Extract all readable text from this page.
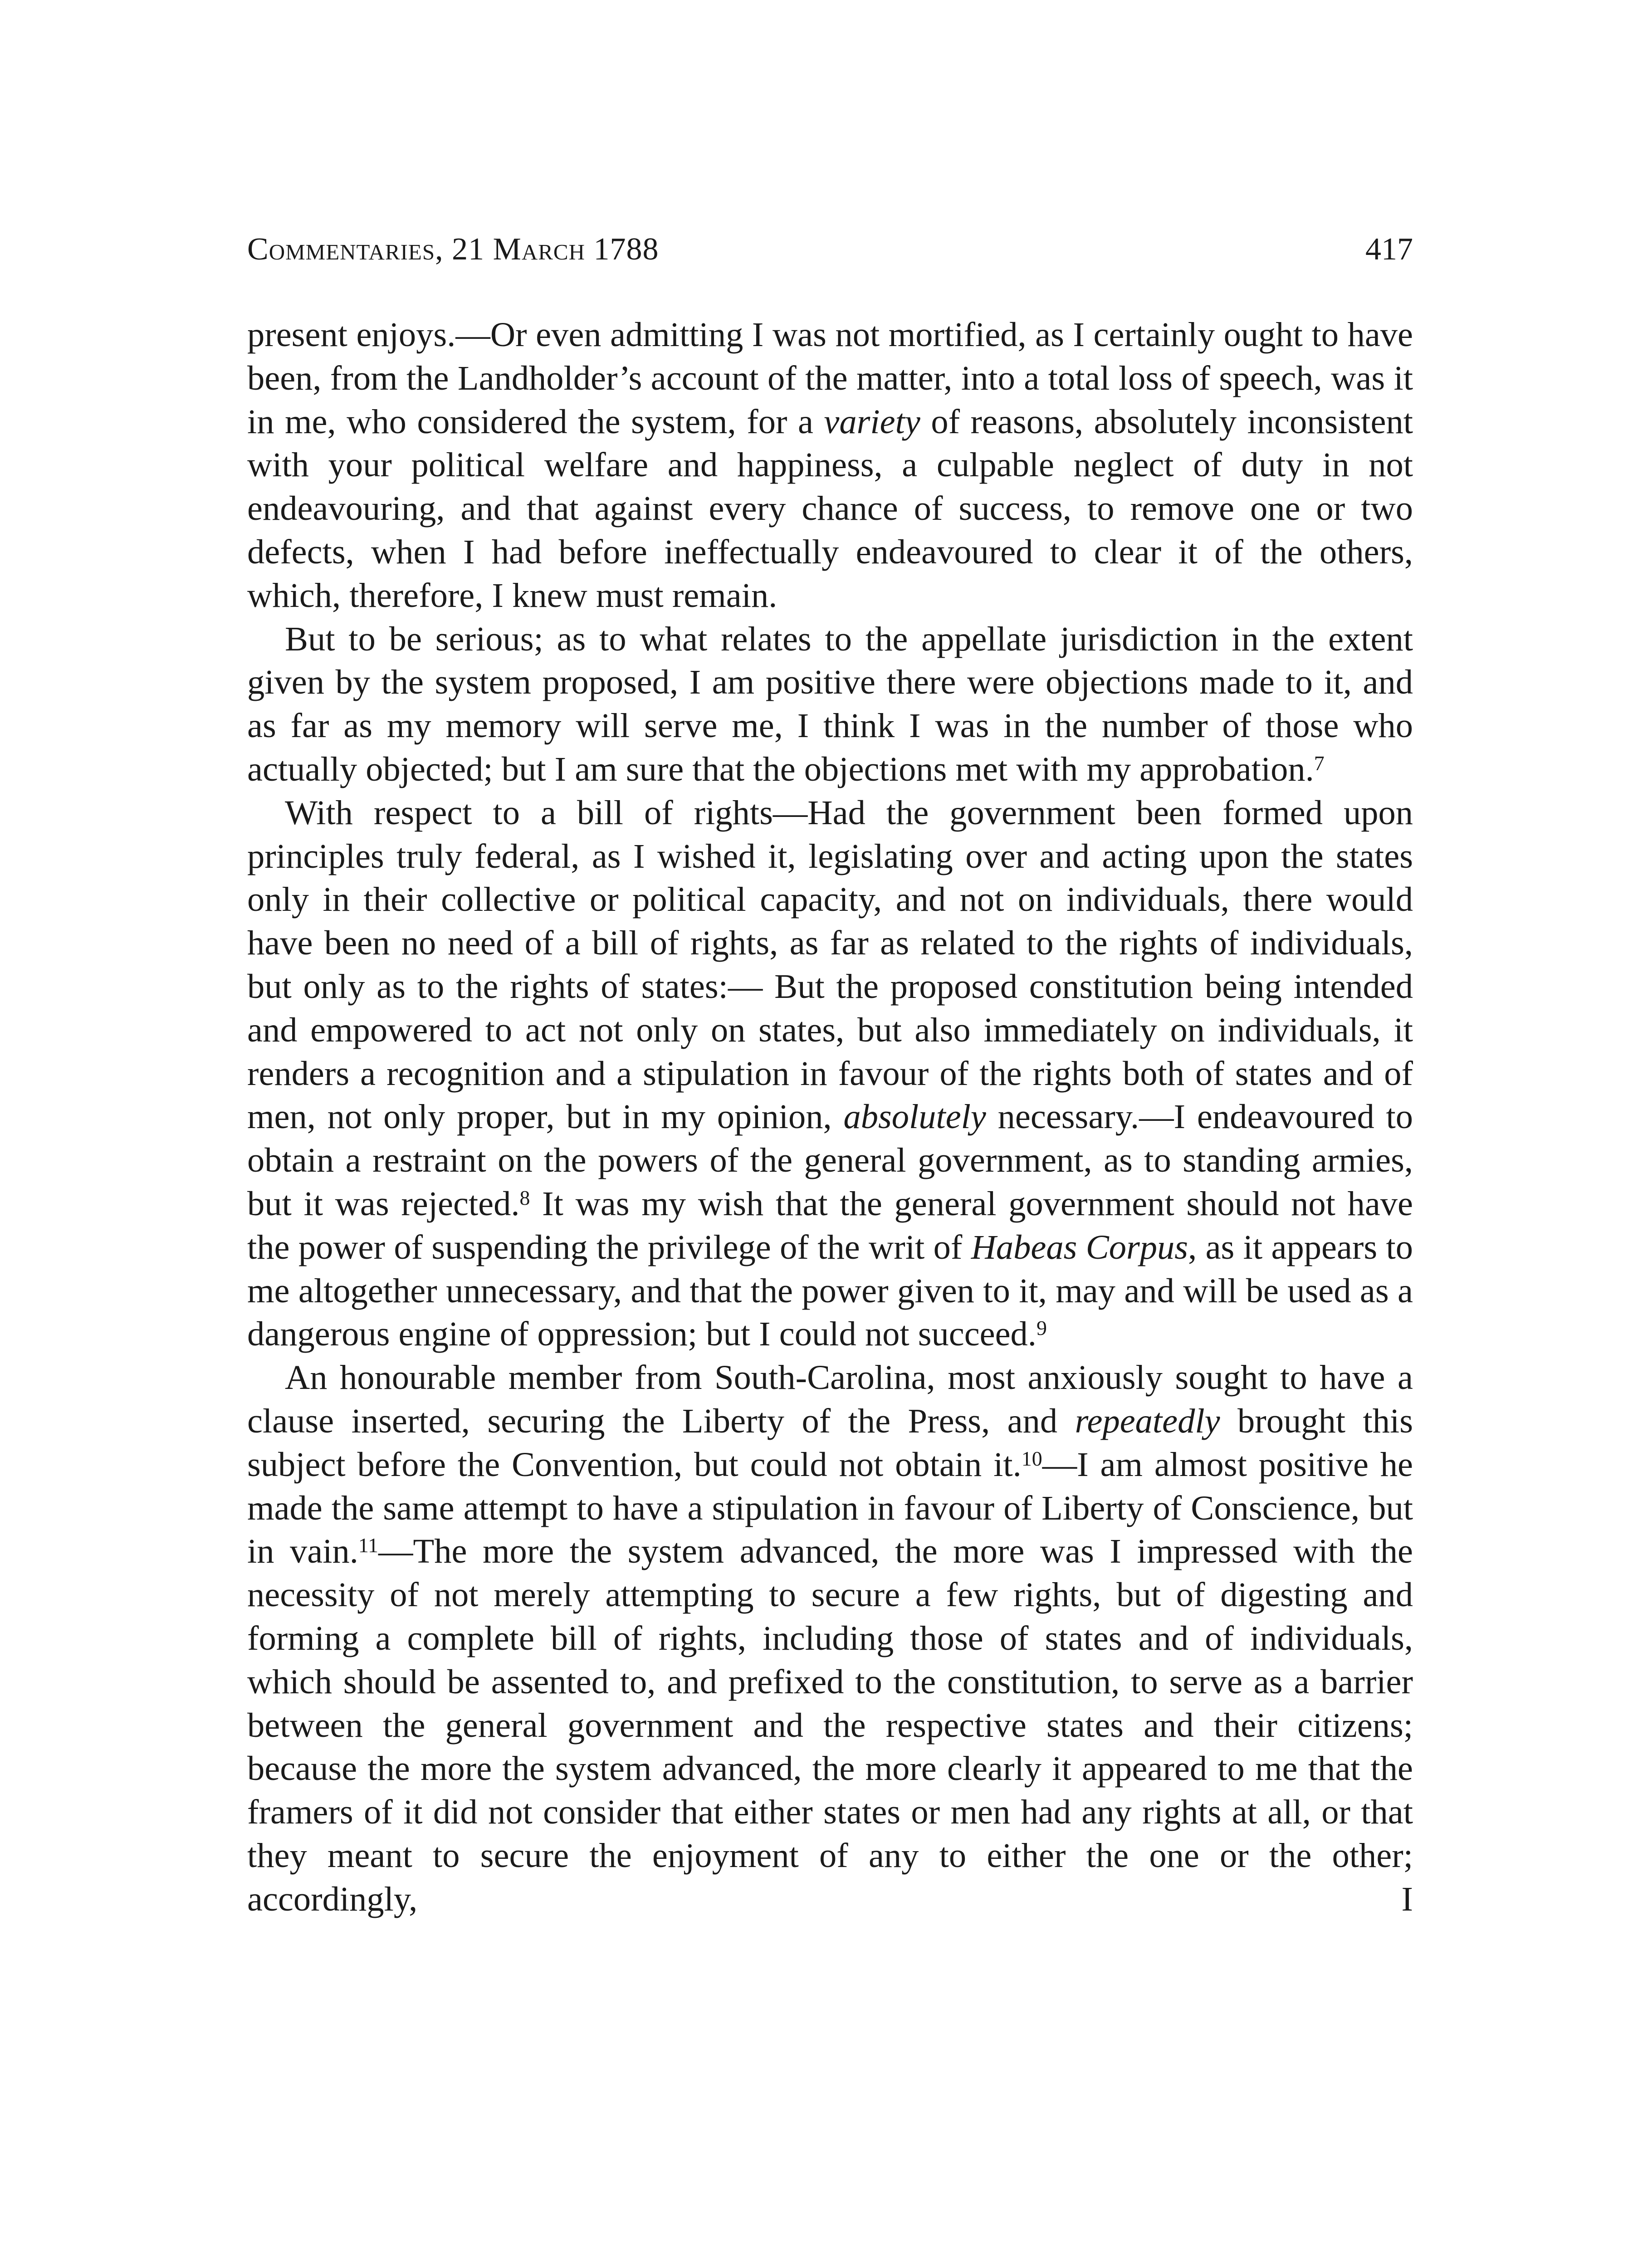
Commentaries, 21 March 1788	417

present enjoys.—Or even admitting I was not mortified, as I certainly ought to have been, from the Landholder’s account of the matter, into a total loss of speech, was it in me, who considered the system, for a variety of reasons, absolutely inconsistent with your political welfare and happiness, a culpable neglect of duty in not endeavouring, and that against every chance of success, to remove one or two defects, when I had before ineffectually endeavoured to clear it of the others, which, therefore, I knew must remain.

But to be serious; as to what relates to the appellate jurisdiction in the extent given by the system proposed, I am positive there were objections made to it, and as far as my memory will serve me, I think I was in the number of those who actually objected; but I am sure that the objections met with my approbation.$^7$

With respect to a bill of rights—Had the government been formed upon principles truly federal, as I wished it, legislating over and acting upon the states only in their collective or political capacity, and not on individuals, there would have been no need of a bill of rights, as far as related to the rights of individuals, but only as to the rights of states:— But the proposed constitution being intended and empowered to act not only on states, but also immediately on individuals, it renders a recognition and a stipulation in favour of the rights both of states and of men, not only proper, but in my opinion, absolutely necessary.—I endeavoured to obtain a restraint on the powers of the general government, as to standing armies, but it was rejected.$^8$ It was my wish that the general government should not have the power of suspending the privilege of the writ of Habeas Corpus, as it appears to me altogether unnecessary, and that the power given to it, may and will be used as a dangerous engine of oppression; but I could not succeed.$^9$

An honourable member from South-Carolina, most anxiously sought to have a clause inserted, securing the Liberty of the Press, and repeatedly brought this subject before the Convention, but could not obtain it.$^{10}$—I am almost positive he made the same attempt to have a stipulation in favour of Liberty of Conscience, but in vain.$^{11}$—The more the system advanced, the more was I impressed with the necessity of not merely attempting to secure a few rights, but of digesting and forming a complete bill of rights, including those of states and of individuals, which should be assented to, and prefixed to the constitution, to serve as a barrier between the general government and the respective states and their citizens; because the more the system advanced, the more clearly it appeared to me that the framers of it did not consider that either states or men had any rights at all, or that they meant to secure the enjoyment of any to either the one or the other; accordingly, I
